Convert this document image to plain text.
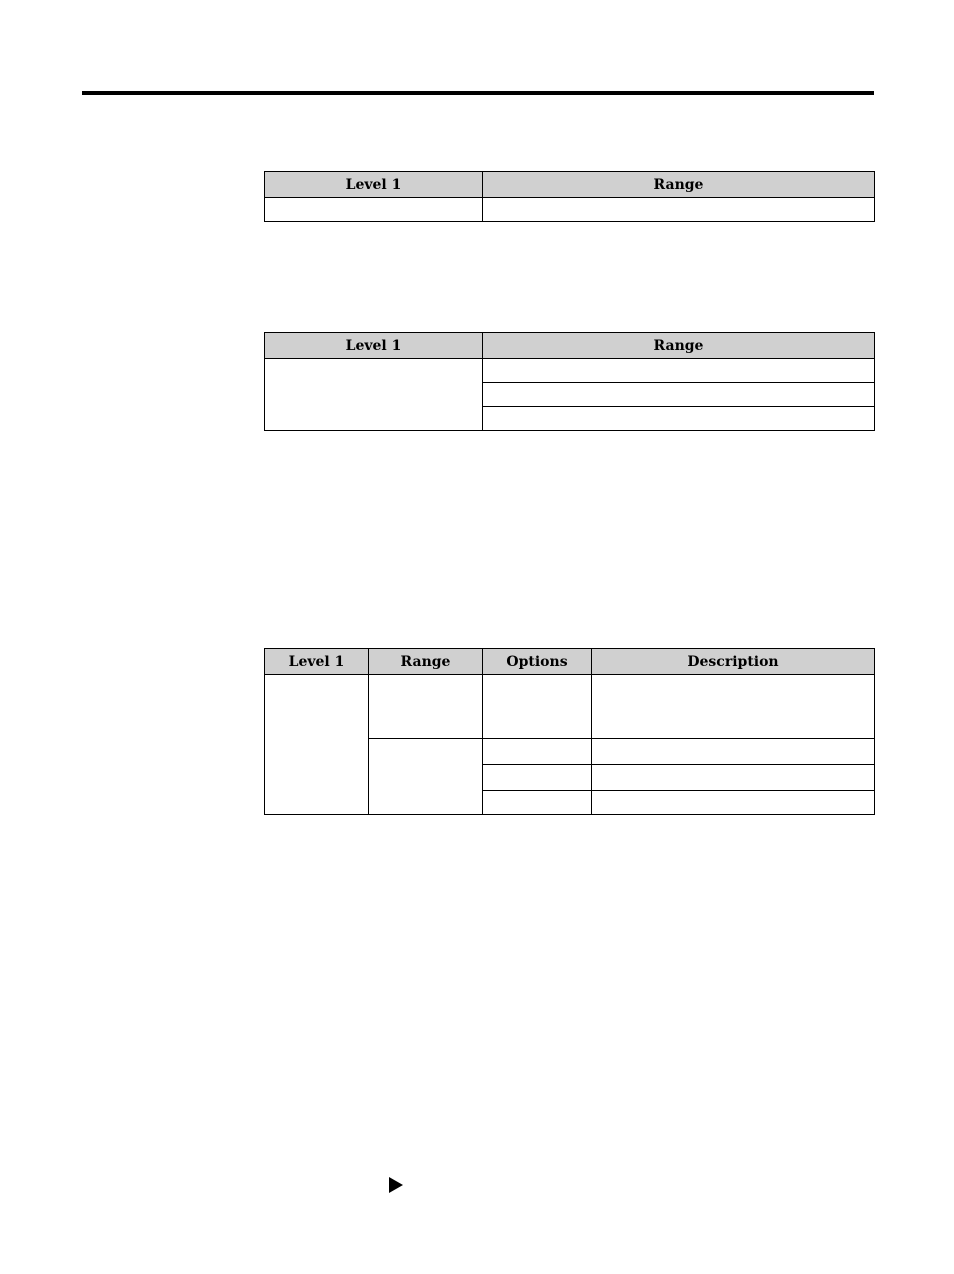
Level 1	Range

Level 1	Range

Level 1	Range	Options	Description
